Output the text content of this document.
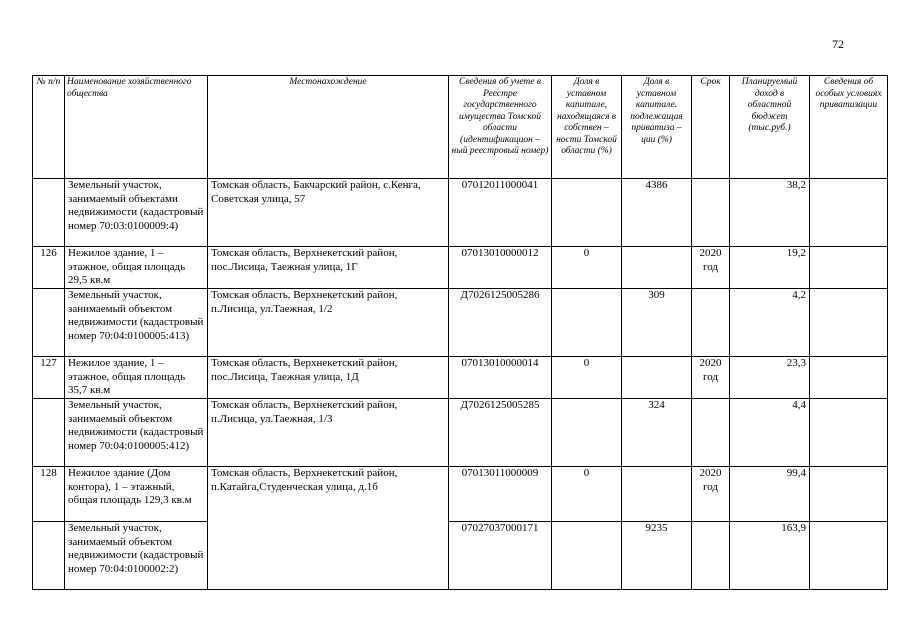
72
№ п/п	Наименование хозяйственного общества	Местонахождение	Сведения об учете в Реестре государственного имущества Томской области (идентификацион – ный реестровый номер)	Доля в уставном капитале, находящаяся в собствен – ности Томской области (%)	Доля в уставном капитале. подлежащая приватиза – ции (%)	Срок	Планируемый доход в областной бюджет (тыс.руб.)	Сведения об особых условиях приватизации
	Земельный участок, занимаемый объектами недвижимости (кадастровый номер 70:03:0100009:4)	Томская область, Бакчарский район, с.Кенга, Советская улица, 57	07012011000041		4386		38,2	
126	Нежилое здание, 1 – этажное, общая площадь 29,5 кв.м	Томская область, Верхнекетский район, пос.Лисица, Таежная улица, 1Г	07013010000012	0		2020 год	19,2	
	Земельный участок, занимаемый объектом недвижимости (кадастровый номер 70:04:0100005:413)	Томская область, Верхнекетский район, п.Лисица, ул.Таежная, 1/2	Д7026125005286		309		4,2	
127	Нежилое здание, 1 – этажное, общая площадь 35,7 кв.м	Томская область, Верхнекетский район, пос.Лисица, Таежная улица, 1Д	07013010000014	0		2020 год	23,3	
	Земельный участок, занимаемый объектом недвижимости (кадастровый номер 70:04:0100005:412)	Томская область, Верхнекетский район, п.Лисица, ул.Таежная, 1/3	Д7026125005285		324		4,4	
128	Нежилое здание (Дом контора), 1 – этажный, общая площадь 129,3 кв.м	Томская область, Верхнекетский район, п.Катайга,Студенческая улица, д.1б	07013011000009	0		2020 год	99,4	
	Земельный участок, занимаемый объектом недвижимости (кадастровый номер 70:04:0100002:2)		07027037000171		9235		163,9	
